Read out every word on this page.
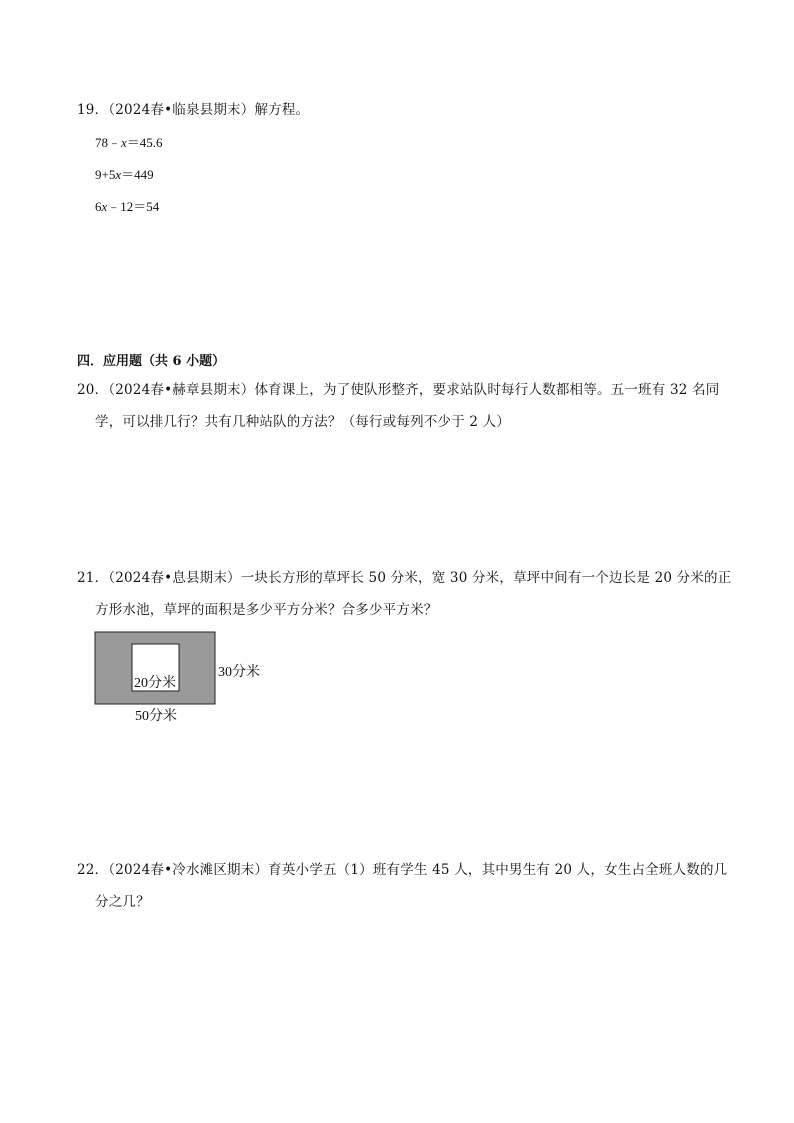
19．（2024春•临泉县期末）解方程。
78﹣x＝45.6
9+5x＝449
6x﹣12＝54
四．应用题（共 6 小题）
20．（2024春•赫章县期末）体育课上，为了使队形整齐，要求站队时每行人数都相等。五一班有 32 名同
学，可以排几行？共有几种站队的方法？（每行或每列不少于 2 人）
21．（2024春•息县期末）一块长方形的草坪长 50 分米，宽 30 分米，草坪中间有一个边长是 20 分米的正
方形水池，草坪的面积是多少平方分米？合多少平方米？
20分米
30分米
50分米
22．（2024春•冷水滩区期末）育英小学五（1）班有学生 45 人，其中男生有 20 人，女生占全班人数的几
分之几？
